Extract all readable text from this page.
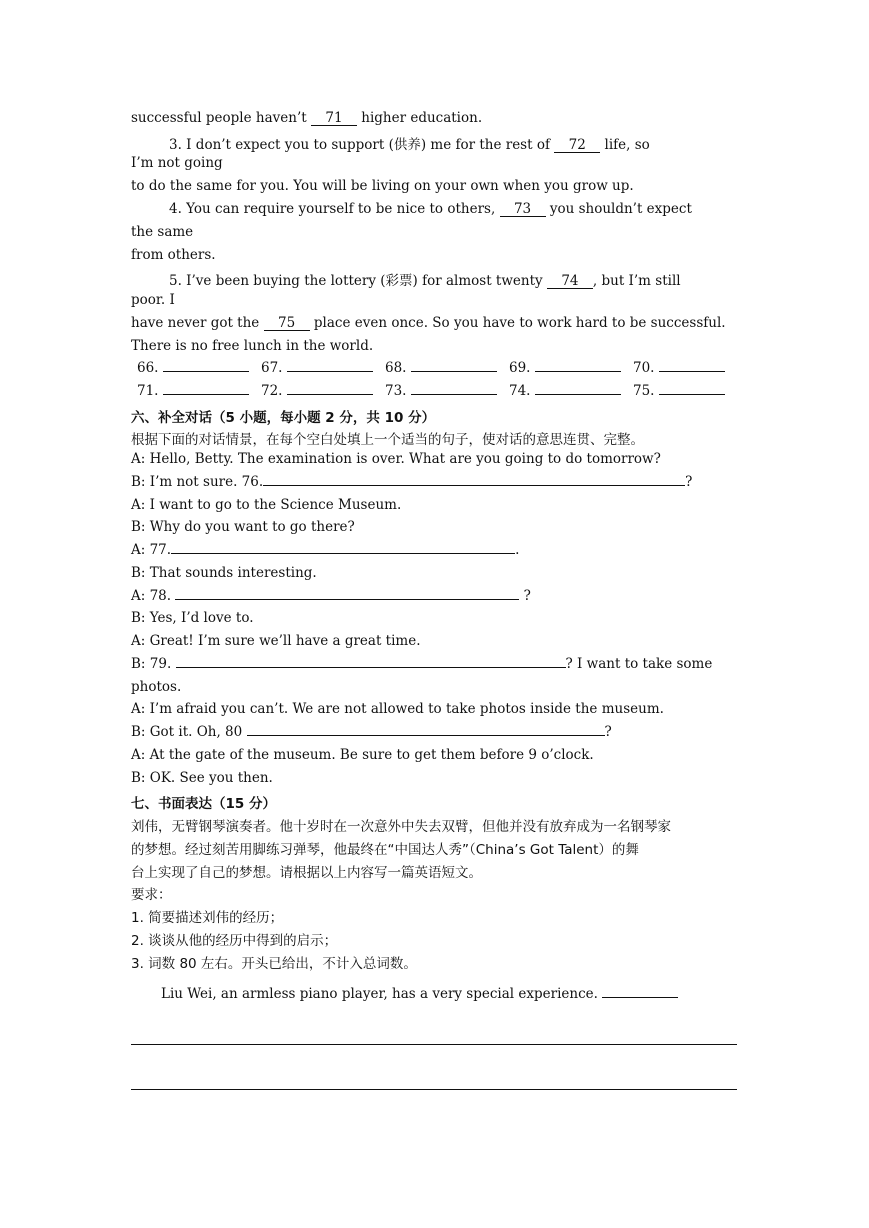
successful people haven’t 71 higher education.
3. I don’t expect you to support (供养) me for the rest of 72 life, so
I’m not going
to do the same for you. You will be living on your own when you grow up.
4. You can require yourself to be nice to others, 73 you shouldn’t expect
the same
from others.
5. I’ve been buying the lottery (彩票) for almost twenty 74 , but I’m still
poor. I
have never got the 75 place even once. So you have to work hard to be successful.
There is no free lunch in the world.
66.	67.	68.	69.	70.
71.	72.	73.	74.	75.
六、补全对话（5 小题，每小题 2 分，共 10 分）
根据下面的对话情景，在每个空白处填上一个适当的句子，使对话的意思连贯、完整。
A: Hello, Betty. The examination is over. What are you going to do tomorrow?
B: I’m not sure. 76.	?
A: I want to go to the Science Museum.
B: Why do you want to go there?
A: 77.	.
B: That sounds interesting.
A: 78.	?
B: Yes, I’d love to.
A: Great! I’m sure we’ll have a great time.
B: 79.	? I want to take some
photos.
A: I’m afraid you can’t. We are not allowed to take photos inside the museum.
B: Got it. Oh, 80	?
A: At the gate of the museum. Be sure to get them before 9 o’clock.
B: OK. See you then.
七、书面表达（15 分）
刘伟，无臂钢琴演奏者。他十岁时在一次意外中失去双臂，但他并没有放弃成为一名钢琴家
的梦想。经过刻苦用脚练习弹琴，他最终在“中国达人秀”（China’s Got Talent）的舞
台上实现了自己的梦想。请根据以上内容写一篇英语短文。
要求：
1. 简要描述刘伟的经历；
2. 谈谈从他的经历中得到的启示；
3. 词数 80 左右。开头已给出，不计入总词数。
Liu Wei, an armless piano player, has a very special experience.
